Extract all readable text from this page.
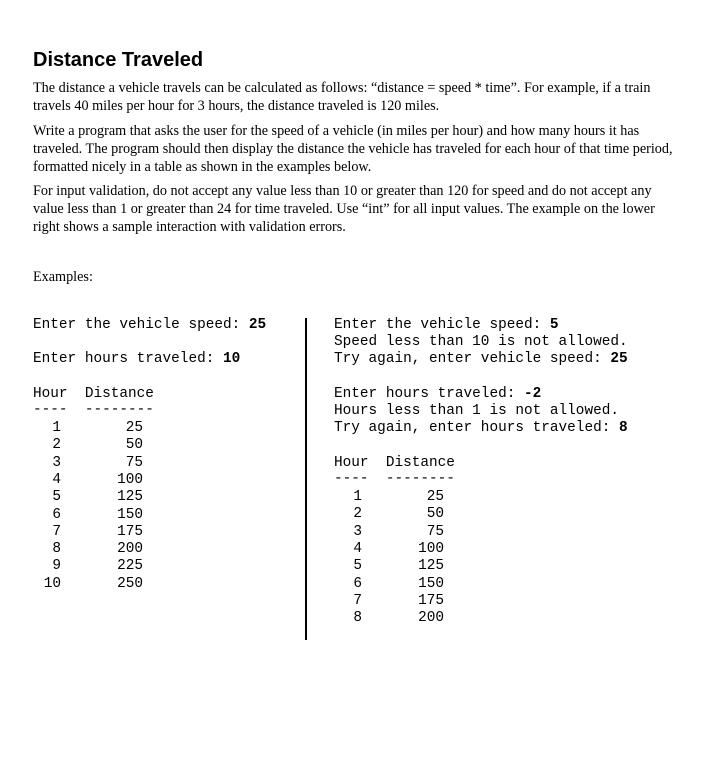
Distance Traveled

The distance a vehicle travels can be calculated as follows: “distance = speed * time”. For example, if a train travels 40 miles per hour for 3 hours, the distance traveled is 120 miles.

Write a program that asks the user for the speed of a vehicle (in miles per hour) and how many hours it has traveled. The program should then display the distance the vehicle has traveled for each hour of that time period, formatted nicely in a table as shown in the examples below.

For input validation, do not accept any value less than 10 or greater than 120 for speed and do not accept any value less than 1 or greater than 24 for time traveled. Use “int” for all input values. The example on the lower right shows a sample interaction with validation errors.

Examples:

Enter the vehicle speed: 25
Enter hours traveled: 10
Hour  Distance
----  --------
1	25
2	50
3	75
4	100
5	125
6	150
7	175
8	200
9	225
10	250
Enter the vehicle speed: 5
Speed less than 10 is not allowed.
Try again, enter vehicle speed: 25
Enter hours traveled: -2
Hours less than 1 is not allowed.
Try again, enter hours traveled: 8
Hour  Distance
----  --------
1	25
2	50
3	75
4	100
5	125
6	150
7	175
8	200
